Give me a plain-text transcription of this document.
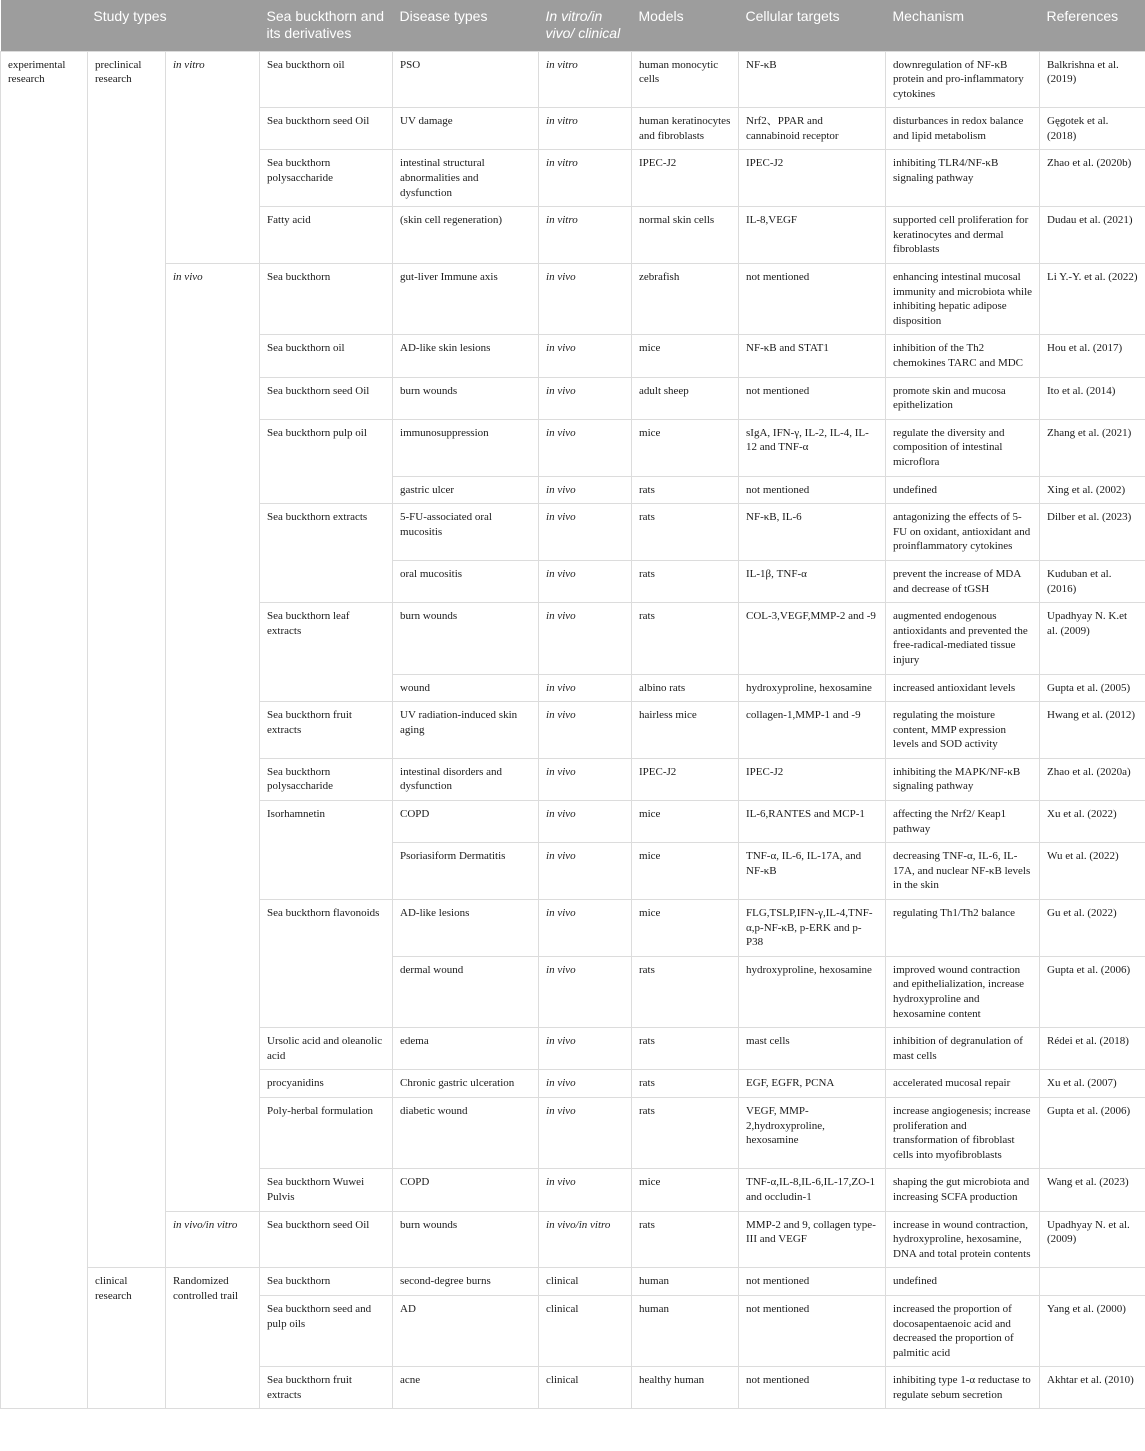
Study types			Sea buckthorn and its derivatives	Disease types	In vitro/in vivo/ clinical	Models	Cellular targets	Mechanism	References
experimental research	preclinical research	in vitro	Sea buckthorn oil	PSO	in vitro	human monocytic cells	NF-κB	downregulation of NF-κB protein and pro-inflammatory cytokines	Balkrishna et al. (2019)
			Sea buckthorn seed Oil	UV damage	in vitro	human keratinocytes and fibroblasts	Nrf2、PPAR and cannabinoid receptor	disturbances in redox balance and lipid metabolism	Gęgotek et al. (2018)
			Sea buckthorn polysaccharide	intestinal structural abnormalities and dysfunction	in vitro	IPEC-J2	IPEC-J2	inhibiting TLR4/NF-κB signaling pathway	Zhao et al. (2020b)
			Fatty acid	(skin cell regeneration)	in vitro	normal skin cells	IL-8,VEGF	supported cell proliferation for keratinocytes and dermal fibroblasts	Dudau et al. (2021)
		in vivo	Sea buckthorn	gut-liver Immune axis	in vivo	zebrafish	not mentioned	enhancing intestinal mucosal immunity and microbiota while inhibiting hepatic adipose disposition	Li Y.-Y. et al. (2022)
			Sea buckthorn oil	AD-like skin lesions	in vivo	mice	NF-κB and STAT1	inhibition of the Th2 chemokines TARC and MDC	Hou et al. (2017)
			Sea buckthorn seed Oil	burn wounds	in vivo	adult sheep	not mentioned	promote skin and mucosa epithelization	Ito et al. (2014)
			Sea buckthorn pulp oil	immunosuppression	in vivo	mice	sIgA, IFN-γ, IL-2, IL-4, IL-12 and TNF-α	regulate the diversity and composition of intestinal microflora	Zhang et al. (2021)
				gastric ulcer	in vivo	rats	not mentioned	undefined	Xing et al. (2002)
			Sea buckthorn extracts	5-FU-associated oral mucositis	in vivo	rats	NF-κB, IL-6	antagonizing the effects of 5-FU on oxidant, antioxidant and proinflammatory cytokines	Dilber et al. (2023)
				oral mucositis	in vivo	rats	IL-1β, TNF-α	prevent the increase of MDA and decrease of tGSH	Kuduban et al. (2016)
			Sea buckthorn leaf extracts	burn wounds	in vivo	rats	COL-3,VEGF,MMP-2 and -9	augmented endogenous antioxidants and prevented the free-radical-mediated tissue injury	Upadhyay N. K.et al. (2009)
				wound	in vivo	albino rats	hydroxyproline, hexosamine	increased antioxidant levels	Gupta et al. (2005)
			Sea buckthorn fruit extracts	UV radiation-induced skin aging	in vivo	hairless mice	collagen-1,MMP-1 and -9	regulating the moisture content, MMP expression levels and SOD activity	Hwang et al. (2012)
			Sea buckthorn polysaccharide	intestinal disorders and dysfunction	in vivo	IPEC-J2	IPEC-J2	inhibiting the MAPK/NF-κB signaling pathway	Zhao et al. (2020a)
			Isorhamnetin	COPD	in vivo	mice	IL-6,RANTES and MCP-1	affecting the Nrf2/ Keap1 pathway	Xu et al. (2022)
				Psoriasiform Dermatitis	in vivo	mice	TNF-α, IL-6, IL-17A, and NF-κB	decreasing TNF-α, IL-6, IL-17A, and nuclear NF-κB levels in the skin	Wu et al. (2022)
			Sea buckthorn flavonoids	AD-like lesions	in vivo	mice	FLG,TSLP,IFN-γ,IL-4,TNF-α,p-NF-κB, p-ERK and p-P38	regulating Th1/Th2 balance	Gu et al. (2022)
				dermal wound	in vivo	rats	hydroxyproline, hexosamine	improved wound contraction and epithelialization, increase hydroxyproline and hexosamine content	Gupta et al. (2006)
			Ursolic acid and oleanolic acid	edema	in vivo	rats	mast cells	inhibition of degranulation of mast cells	Rédei et al. (2018)
			procyanidins	Chronic gastric ulceration	in vivo	rats	EGF, EGFR, PCNA	accelerated mucosal repair	Xu et al. (2007)
			Poly-herbal formulation	diabetic wound	in vivo	rats	VEGF, MMP-2,hydroxyproline, hexosamine	increase angiogenesis; increase proliferation and transformation of fibroblast cells into myofibroblasts	Gupta et al. (2006)
			Sea buckthorn Wuwei Pulvis	COPD	in vivo	mice	TNF-α,IL-8,IL-6,IL-17,ZO-1 and occludin-1	shaping the gut microbiota and increasing SCFA production	Wang et al. (2023)
		in vivo/in vitro	Sea buckthorn seed Oil	burn wounds	in vivo/in vitro	rats	MMP-2 and 9, collagen type-III and VEGF	increase in wound contraction, hydroxyproline, hexosamine, DNA and total protein contents	Upadhyay N. et al. (2009)
	clinical research	Randomized controlled trail	Sea buckthorn	second-degree burns	clinical	human	not mentioned	undefined	
			Sea buckthorn seed and pulp oils	AD	clinical	human	not mentioned	increased the proportion of docosapentaenoic acid and decreased the proportion of palmitic acid	Yang et al. (2000)
			Sea buckthorn fruit extracts	acne	clinical	healthy human	not mentioned	inhibiting type 1-α reductase to regulate sebum secretion	Akhtar et al. (2010)
